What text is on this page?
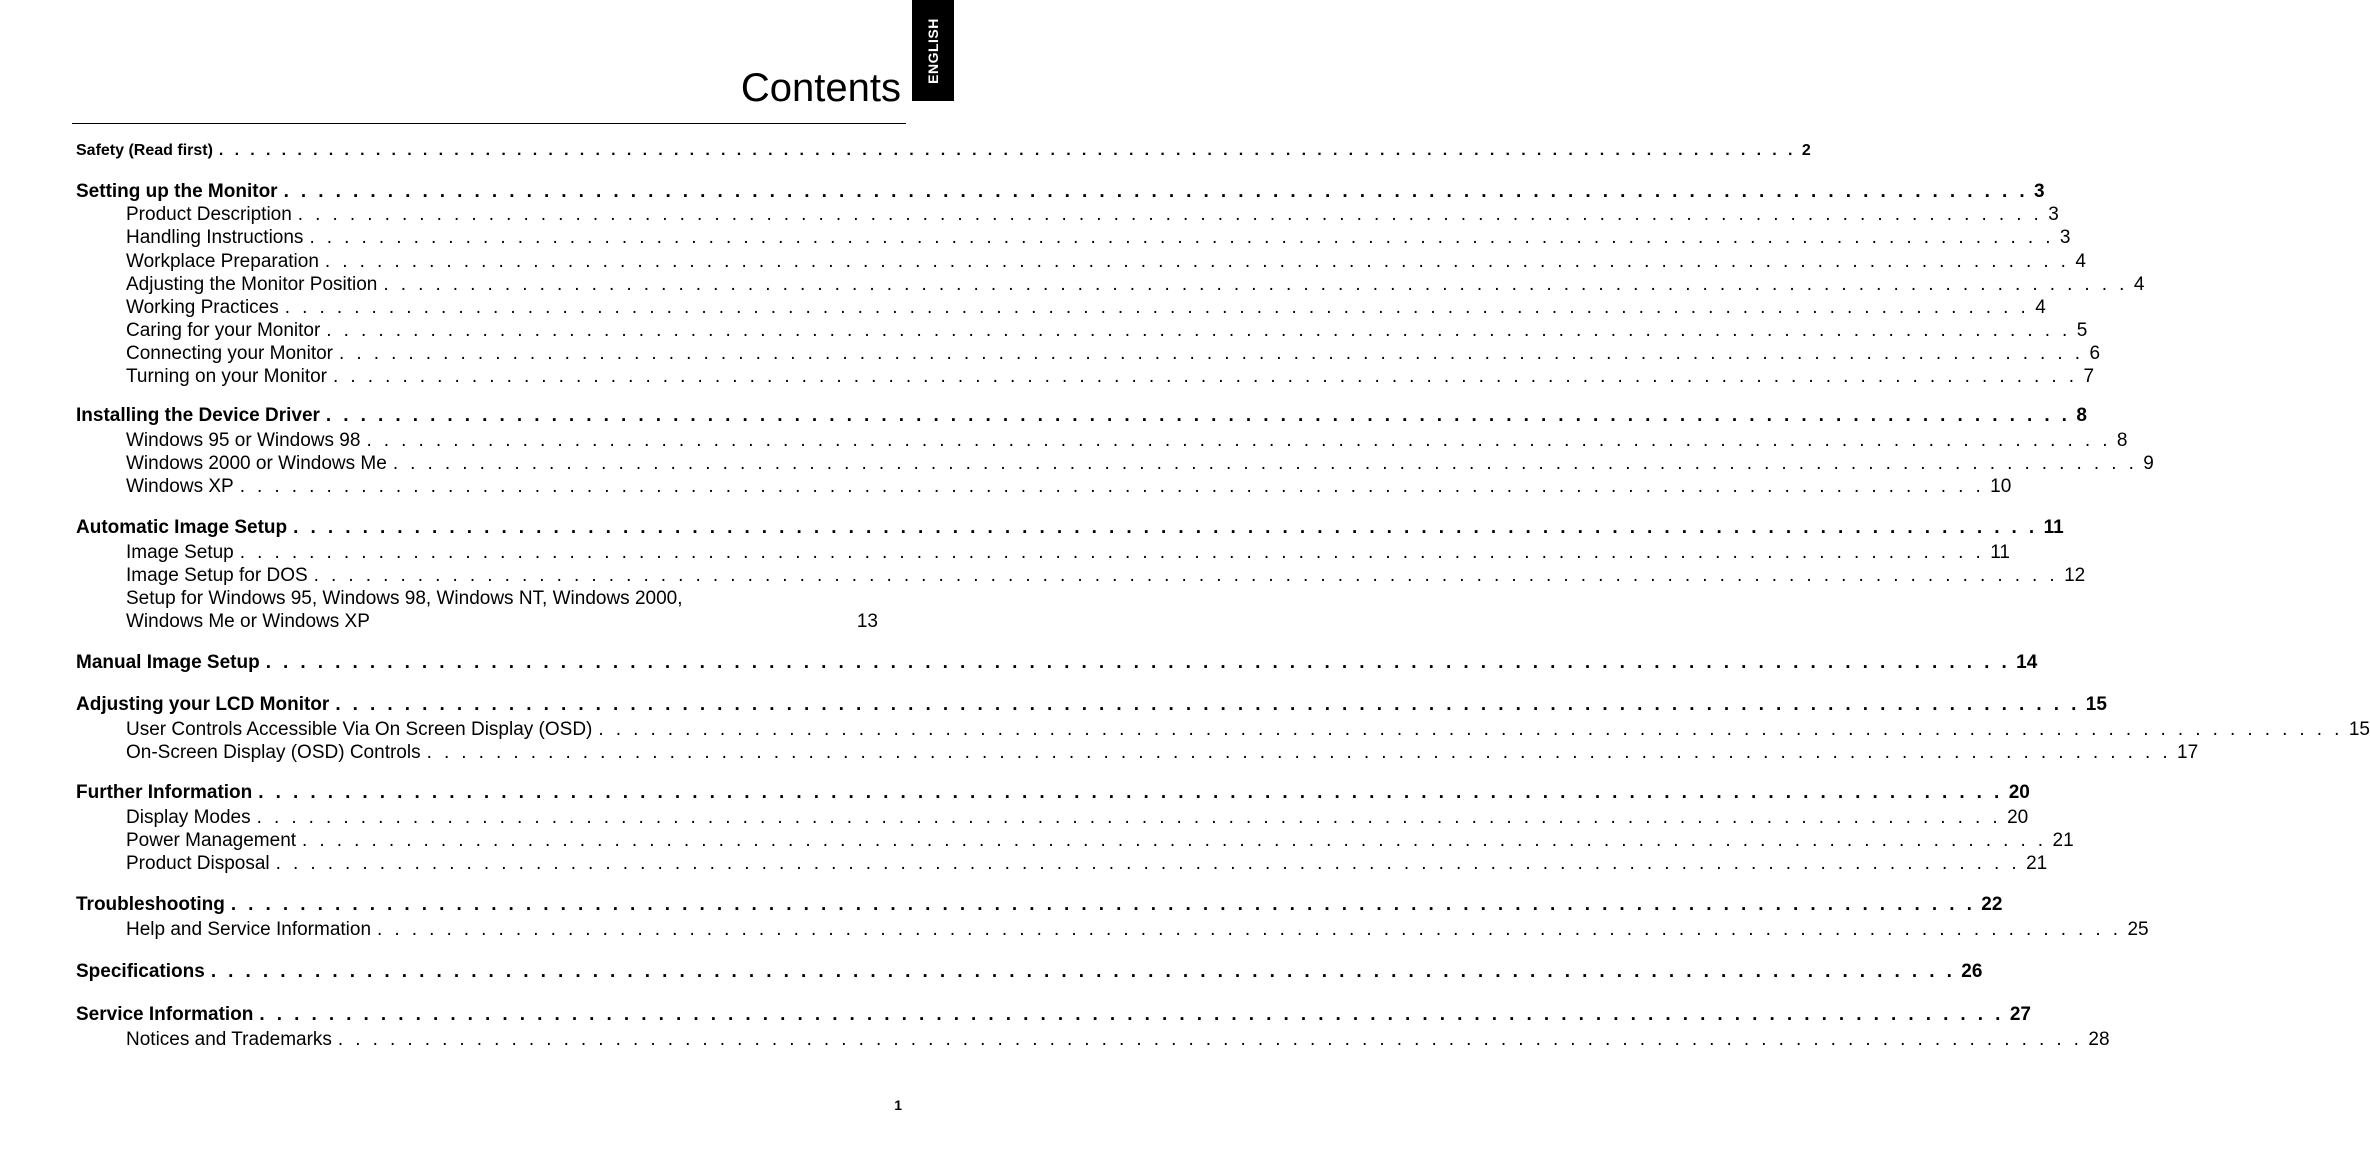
ENGLISH
Contents
Safety (Read first) . . . . . . . . . . . . . . . . . . . . . . . . . . . . . . . . . . . . . . . . . . . . . . . . . . . . . . . . . . . . . . . . . . . . . . . . . . . . . . . . . . . . . . . . . . . . . . . . . . . . . 2
Setting up the Monitor . . . . . . . . . . . . . . . . . . . . . . . . . . . . . . . . . . . . . . . . . . . . . . . . . . . . . . . . . . . . . . . . . . . . . . . . . . . . . . . . . . . . . . . . . . . . . . . . . . . . . 3
Product Description . . . . . . . . . . . . . . . . . . . . . . . . . . . . . . . . . . . . . . . . . . . . . . . . . . . . . . . . . . . . . . . . . . . . . . . . . . . . . . . . . . . . . . . . . . . . . . . . . . . . . 3
Handling Instructions . . . . . . . . . . . . . . . . . . . . . . . . . . . . . . . . . . . . . . . . . . . . . . . . . . . . . . . . . . . . . . . . . . . . . . . . . . . . . . . . . . . . . . . . . . . . . . . . . . . . . 3
Workplace Preparation . . . . . . . . . . . . . . . . . . . . . . . . . . . . . . . . . . . . . . . . . . . . . . . . . . . . . . . . . . . . . . . . . . . . . . . . . . . . . . . . . . . . . . . . . . . . . . . . . . . . . 4
Adjusting the Monitor Position . . . . . . . . . . . . . . . . . . . . . . . . . . . . . . . . . . . . . . . . . . . . . . . . . . . . . . . . . . . . . . . . . . . . . . . . . . . . . . . . . . . . . . . . . . . . . . . . . . . . . 4
Working Practices . . . . . . . . . . . . . . . . . . . . . . . . . . . . . . . . . . . . . . . . . . . . . . . . . . . . . . . . . . . . . . . . . . . . . . . . . . . . . . . . . . . . . . . . . . . . . . . . . . . . . 4
Caring for your Monitor . . . . . . . . . . . . . . . . . . . . . . . . . . . . . . . . . . . . . . . . . . . . . . . . . . . . . . . . . . . . . . . . . . . . . . . . . . . . . . . . . . . . . . . . . . . . . . . . . . . . . 5
Connecting your Monitor . . . . . . . . . . . . . . . . . . . . . . . . . . . . . . . . . . . . . . . . . . . . . . . . . . . . . . . . . . . . . . . . . . . . . . . . . . . . . . . . . . . . . . . . . . . . . . . . . . . . . 6
Turning on your Monitor . . . . . . . . . . . . . . . . . . . . . . . . . . . . . . . . . . . . . . . . . . . . . . . . . . . . . . . . . . . . . . . . . . . . . . . . . . . . . . . . . . . . . . . . . . . . . . . . . . . . . 7
Installing the Device Driver . . . . . . . . . . . . . . . . . . . . . . . . . . . . . . . . . . . . . . . . . . . . . . . . . . . . . . . . . . . . . . . . . . . . . . . . . . . . . . . . . . . . . . . . . . . . . . . . . . . . . 8
Windows 95 or Windows 98 . . . . . . . . . . . . . . . . . . . . . . . . . . . . . . . . . . . . . . . . . . . . . . . . . . . . . . . . . . . . . . . . . . . . . . . . . . . . . . . . . . . . . . . . . . . . . . . . . . . . . 8
Windows 2000 or Windows Me . . . . . . . . . . . . . . . . . . . . . . . . . . . . . . . . . . . . . . . . . . . . . . . . . . . . . . . . . . . . . . . . . . . . . . . . . . . . . . . . . . . . . . . . . . . . . . . . . . . . . 9
Windows XP . . . . . . . . . . . . . . . . . . . . . . . . . . . . . . . . . . . . . . . . . . . . . . . . . . . . . . . . . . . . . . . . . . . . . . . . . . . . . . . . . . . . . . . . . . . . . . . . . . . . . 10
Automatic Image Setup . . . . . . . . . . . . . . . . . . . . . . . . . . . . . . . . . . . . . . . . . . . . . . . . . . . . . . . . . . . . . . . . . . . . . . . . . . . . . . . . . . . . . . . . . . . . . . . . . . . . . 11
Image Setup . . . . . . . . . . . . . . . . . . . . . . . . . . . . . . . . . . . . . . . . . . . . . . . . . . . . . . . . . . . . . . . . . . . . . . . . . . . . . . . . . . . . . . . . . . . . . . . . . . . . . 11
Image Setup for DOS . . . . . . . . . . . . . . . . . . . . . . . . . . . . . . . . . . . . . . . . . . . . . . . . . . . . . . . . . . . . . . . . . . . . . . . . . . . . . . . . . . . . . . . . . . . . . . . . . . . . . 12
Setup for Windows 95, Windows 98, Windows NT, Windows 2000,
Windows Me or Windows XP	13
Manual Image Setup . . . . . . . . . . . . . . . . . . . . . . . . . . . . . . . . . . . . . . . . . . . . . . . . . . . . . . . . . . . . . . . . . . . . . . . . . . . . . . . . . . . . . . . . . . . . . . . . . . . . . 14
Adjusting your LCD Monitor . . . . . . . . . . . . . . . . . . . . . . . . . . . . . . . . . . . . . . . . . . . . . . . . . . . . . . . . . . . . . . . . . . . . . . . . . . . . . . . . . . . . . . . . . . . . . . . . . . . . . 15
User Controls Accessible Via On Screen Display (OSD) . . . . . . . . . . . . . . . . . . . . . . . . . . . . . . . . . . . . . . . . . . . . . . . . . . . . . . . . . . . . . . . . . . . . . . . . . . . . . . . . . . . . . . . . . . . . . . . . . . . . . 15
On-Screen Display (OSD) Controls . . . . . . . . . . . . . . . . . . . . . . . . . . . . . . . . . . . . . . . . . . . . . . . . . . . . . . . . . . . . . . . . . . . . . . . . . . . . . . . . . . . . . . . . . . . . . . . . . . . . . 17
Further Information . . . . . . . . . . . . . . . . . . . . . . . . . . . . . . . . . . . . . . . . . . . . . . . . . . . . . . . . . . . . . . . . . . . . . . . . . . . . . . . . . . . . . . . . . . . . . . . . . . . . . 20
Display Modes . . . . . . . . . . . . . . . . . . . . . . . . . . . . . . . . . . . . . . . . . . . . . . . . . . . . . . . . . . . . . . . . . . . . . . . . . . . . . . . . . . . . . . . . . . . . . . . . . . . . . 20
Power Management . . . . . . . . . . . . . . . . . . . . . . . . . . . . . . . . . . . . . . . . . . . . . . . . . . . . . . . . . . . . . . . . . . . . . . . . . . . . . . . . . . . . . . . . . . . . . . . . . . . . . 21
Product Disposal . . . . . . . . . . . . . . . . . . . . . . . . . . . . . . . . . . . . . . . . . . . . . . . . . . . . . . . . . . . . . . . . . . . . . . . . . . . . . . . . . . . . . . . . . . . . . . . . . . . . . 21
Troubleshooting . . . . . . . . . . . . . . . . . . . . . . . . . . . . . . . . . . . . . . . . . . . . . . . . . . . . . . . . . . . . . . . . . . . . . . . . . . . . . . . . . . . . . . . . . . . . . . . . . . . . . 22
Help and Service Information . . . . . . . . . . . . . . . . . . . . . . . . . . . . . . . . . . . . . . . . . . . . . . . . . . . . . . . . . . . . . . . . . . . . . . . . . . . . . . . . . . . . . . . . . . . . . . . . . . . . . 25
Specifications . . . . . . . . . . . . . . . . . . . . . . . . . . . . . . . . . . . . . . . . . . . . . . . . . . . . . . . . . . . . . . . . . . . . . . . . . . . . . . . . . . . . . . . . . . . . . . . . . . . . . 26
Service Information . . . . . . . . . . . . . . . . . . . . . . . . . . . . . . . . . . . . . . . . . . . . . . . . . . . . . . . . . . . . . . . . . . . . . . . . . . . . . . . . . . . . . . . . . . . . . . . . . . . . . 27
Notices and Trademarks . . . . . . . . . . . . . . . . . . . . . . . . . . . . . . . . . . . . . . . . . . . . . . . . . . . . . . . . . . . . . . . . . . . . . . . . . . . . . . . . . . . . . . . . . . . . . . . . . . . . . 28
1
